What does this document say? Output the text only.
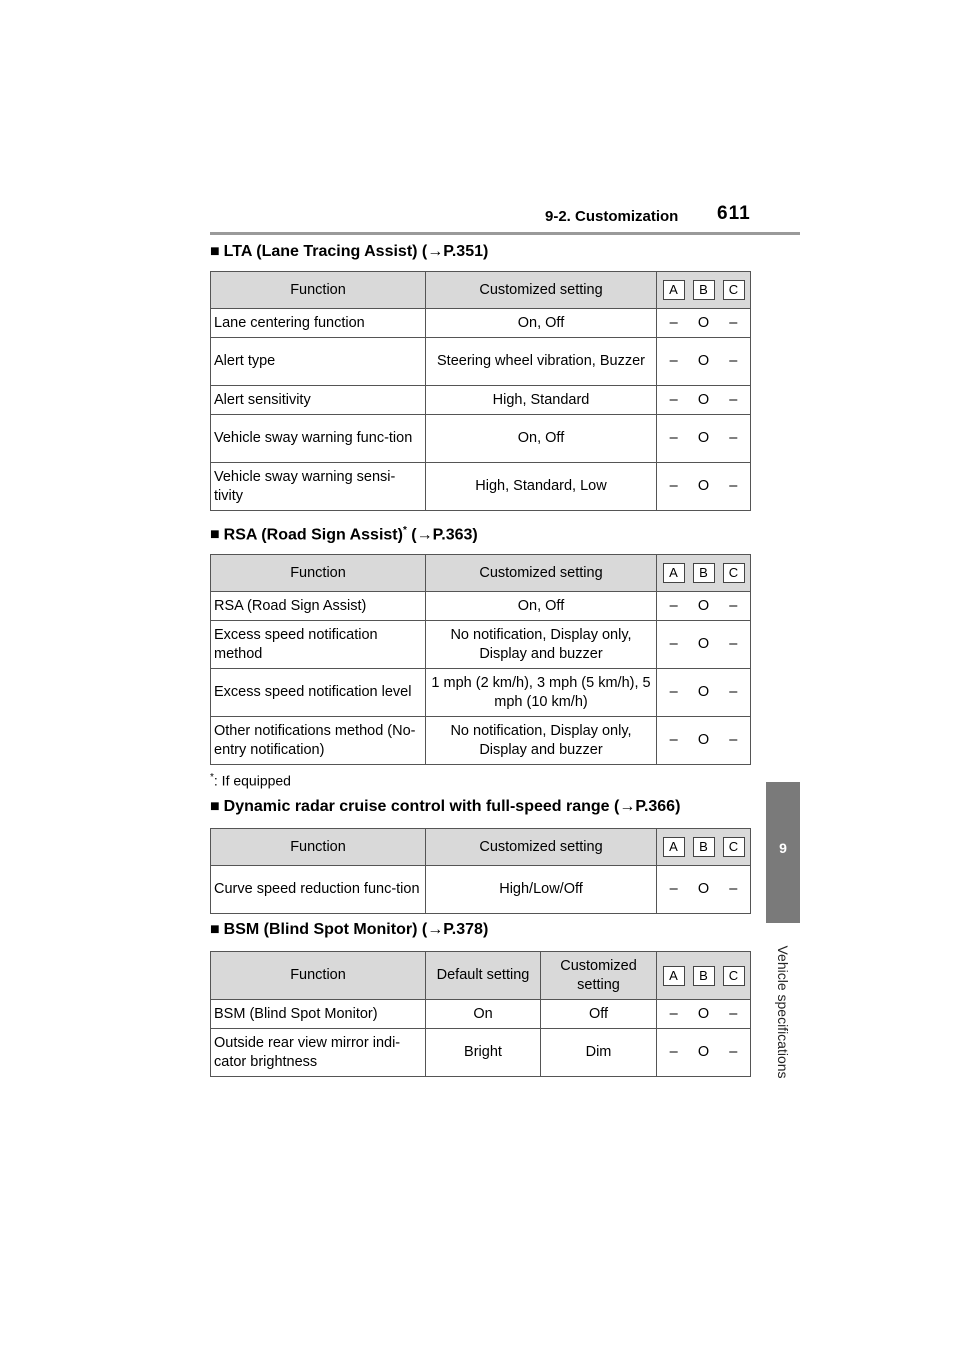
9-2. Customization 611
9
Vehicle specifications
■ LTA (Lane Tracing Assist) (→P.351)
Function	Customized setting	A B C
Lane centering function	On, Off	– O –
Alert type	Steering wheel vibration, Buzzer	– O –
Alert sensitivity	High, Standard	– O –
Vehicle sway warning func-tion	On, Off	– O –
Vehicle sway warning sensi-tivity	High, Standard, Low	– O –
■ RSA (Road Sign Assist)* (→P.363)
Function	Customized setting	A B C
RSA (Road Sign Assist)	On, Off	– O –
Excess speed notification method	No notification, Display only, Display and buzzer	– O –
Excess speed notification level	1 mph (2 km/h), 3 mph (5 km/h), 5 mph (10 km/h)	– O –
Other notifications method (No-entry notification)	No notification, Display only, Display and buzzer	– O –
*: If equipped
■ Dynamic radar cruise control with full-speed range (→P.366)
Function	Customized setting	A B C
Curve speed reduction func-tion	High/Low/Off	– O –
■ BSM (Blind Spot Monitor) (→P.378)
Function	Default setting	Customized setting	A B C
BSM (Blind Spot Monitor)	On	Off	– O –
Outside rear view mirror indi-cator brightness	Bright	Dim	– O –
